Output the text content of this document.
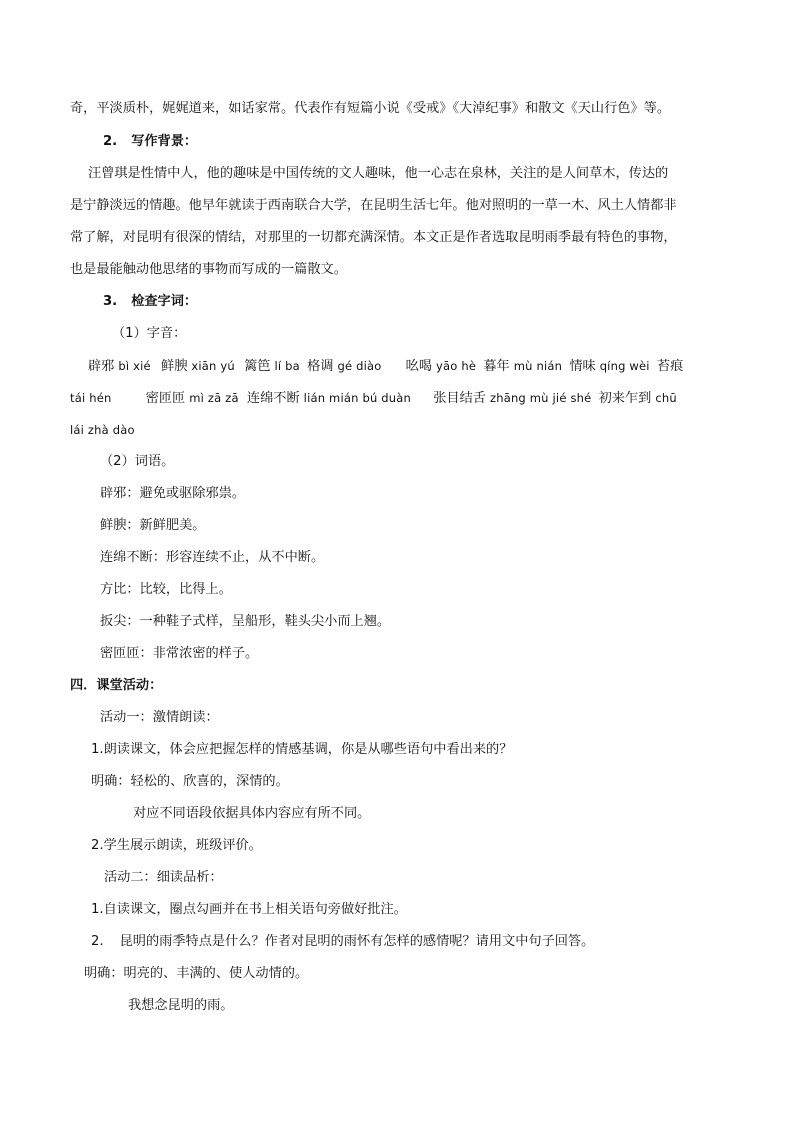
奇，平淡质朴，娓娓道来，如话家常。代表作有短篇小说《受戒》《大淖纪事》和散文《天山行色》等。
2. 写作背景：
汪曾琪是性情中人，他的趣味是中国传统的文人趣味，他一心志在泉林，关注的是人间草木，传达的
是宁静淡远的情趣。他早年就读于西南联合大学，在昆明生活七年。他对照明的一草一木、风土人情都非
常了解，对昆明有很深的情结，对那里的一切都充满深情。本文正是作者选取昆明雨季最有特色的事物，
也是最能触动他思绪的事物而写成的一篇散文。
3. 检查字词：
（1）字音：
辟邪 bì xié 鲜腴 xiān yú 篱笆 lí ba 格调 gé diào 吆喝 yāo hè 暮年 mù nián 情味 qíng wèi 苔痕
tái hén	密匝匝 mì zā zā 连绵不断 lián mián bú duàn 张目结舌 zhāng mù jié shé 初来乍到 chū
lái zhà dào
（2）词语。
辟邪：避免或驱除邪祟。
鲜腴：新鲜肥美。
连绵不断：形容连续不止，从不中断。
方比：比较，比得上。
扳尖：一种鞋子式样，呈船形，鞋头尖小而上翘。
密匝匝：非常浓密的样子。
四．课堂活动：
活动一：激情朗读：
1.朗读课文，体会应把握怎样的情感基调，你是从哪些语句中看出来的？
明确：轻松的、欣喜的，深情的。
对应不同语段依据具体内容应有所不同。
2.学生展示朗读，班级评价。
活动二：细读品析：
1.自读课文，圈点勾画并在书上相关语句旁做好批注。
2. 昆明的雨季特点是什么？作者对昆明的雨怀有怎样的感情呢？请用文中句子回答。
明确：明亮的、丰满的、使人动情的。
我想念昆明的雨。
